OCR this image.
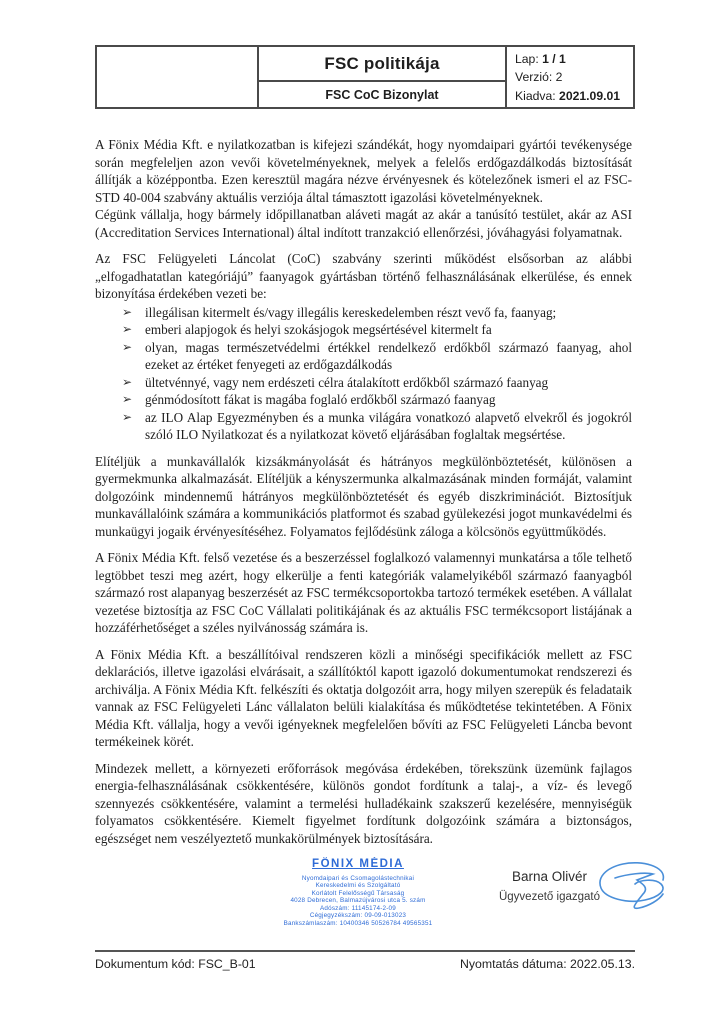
FSC politikája
FSC CoC Bizonylat
Lap: 1 / 1
Verzió: 2
Kiadva: 2021.09.01

A Fönix Média Kft. e nyilatkozatban is kifejezi szándékát, hogy nyomdaipari gyártói tevékenysége során megfeleljen azon vevői követelményeknek, melyek a felelős erdőgazdálkodás biztosítását állítják a középpontba. Ezen keresztül magára nézve érvényesnek és kötelezőnek ismeri el az FSC-STD 40-004 szabvány aktuális verziója által támasztott igazolási követelményeknek.

Cégünk vállalja, hogy bármely időpillanatban aláveti magát az akár a tanúsító testület, akár az ASI (Accreditation Services International) által indított tranzakció ellenőrzési, jóváhagyási folyamatnak.

Az FSC Felügyeleti Láncolat (CoC) szabvány szerinti működést elsősorban az alábbi „elfogadhatatlan kategóriájú” faanyagok gyártásban történő felhasználásának elkerülése, és ennek bizonyítása érdekében vezeti be:

➢ illegálisan kitermelt és/vagy illegális kereskedelemben részt vevő fa, faanyag;
➢ emberi alapjogok és helyi szokásjogok megsértésével kitermelt fa
➢ olyan, magas természetvédelmi értékkel rendelkező erdőkből származó faanyag, ahol ezeket az értéket fenyegeti az erdőgazdálkodás
➢ ültetvénnyé, vagy nem erdészeti célra átalakított erdőkből származó faanyag
➢ génmódosított fákat is magába foglaló erdőkből származó faanyag
➢ az ILO Alap Egyezményben és a munka világára vonatkozó alapvető elvekről és jogokról szóló ILO Nyilatkozat és a nyilatkozat követő eljárásában foglaltak megsértése.

Elítéljük a munkavállalók kizsákmányolását és hátrányos megkülönböztetését, különösen a gyermekmunka alkalmazását. Elítéljük a kényszermunka alkalmazásának minden formáját, valamint dolgozóink mindennemű hátrányos megkülönböztetését és egyéb diszkriminációt. Biztosítjuk munkavállalóink számára a kommunikációs platformot és szabad gyülekezési jogot munkavédelmi és munkaügyi jogaik érvényesítéséhez. Folyamatos fejlődésünk záloga a kölcsönös együttműködés.

A Fönix Média Kft. felső vezetése és a beszerzéssel foglalkozó valamennyi munkatársa a tőle telhető legtöbbet teszi meg azért, hogy elkerülje a fenti kategóriák valamelyikéből származó faanyagból származó rost alapanyag beszerzését az FSC termékcsoportokba tartozó termékek esetében. A vállalat vezetése biztosítja az FSC CoC Vállalati politikájának és az aktuális FSC termékcsoport listájának a hozzáférhetőséget a széles nyilvánosság számára is.

A Fönix Média Kft. a beszállítóival rendszeren közli a minőségi specifikációk mellett az FSC deklarációs, illetve igazolási elvárásait, a szállítóktól kapott igazoló dokumentumokat rendszerezi és archiválja. A Fönix Média Kft. felkészíti és oktatja dolgozóit arra, hogy milyen szerepük és feladataik vannak az FSC Felügyeleti Lánc vállalaton belüli kialakítása és működtetése tekintetében. A Fönix Média Kft. vállalja, hogy a vevői igényeknek megfelelően bővíti az FSC Felügyeleti Láncba bevont termékeinek körét.

Mindezek mellett, a környezeti erőforrások megóvása érdekében, törekszünk üzemünk fajlagos energia-felhasználásának csökkentésére, különös gondot fordítunk a talaj-, a víz- és levegő szennyezés csökkentésére, valamint a termelési hulladékaink szakszerű kezelésére, mennyiségük folyamatos csökkentésére. Kiemelt figyelmet fordítunk dolgozóink számára a biztonságos, egészséget nem veszélyeztető munkakörülmények biztosítására.

FÖNIX MÉDIA
Nyomdaipari és Csomagolástechnikai
Kereskedelmi és Szolgáltató
Korlátolt Felelősségű Társaság
4028 Debrecen, Balmazújvárosi utca 5. szám
Adószám: 11145174-2-09
Cégjegyzékszám: 09-09-013023
Bankszámlaszám: 10400346 50526784 49565351
Barna Olivér
Ügyvezető igazgató
Dokumentum kód: FSC_B-01	Nyomtatás dátuma: 2022.05.13.
